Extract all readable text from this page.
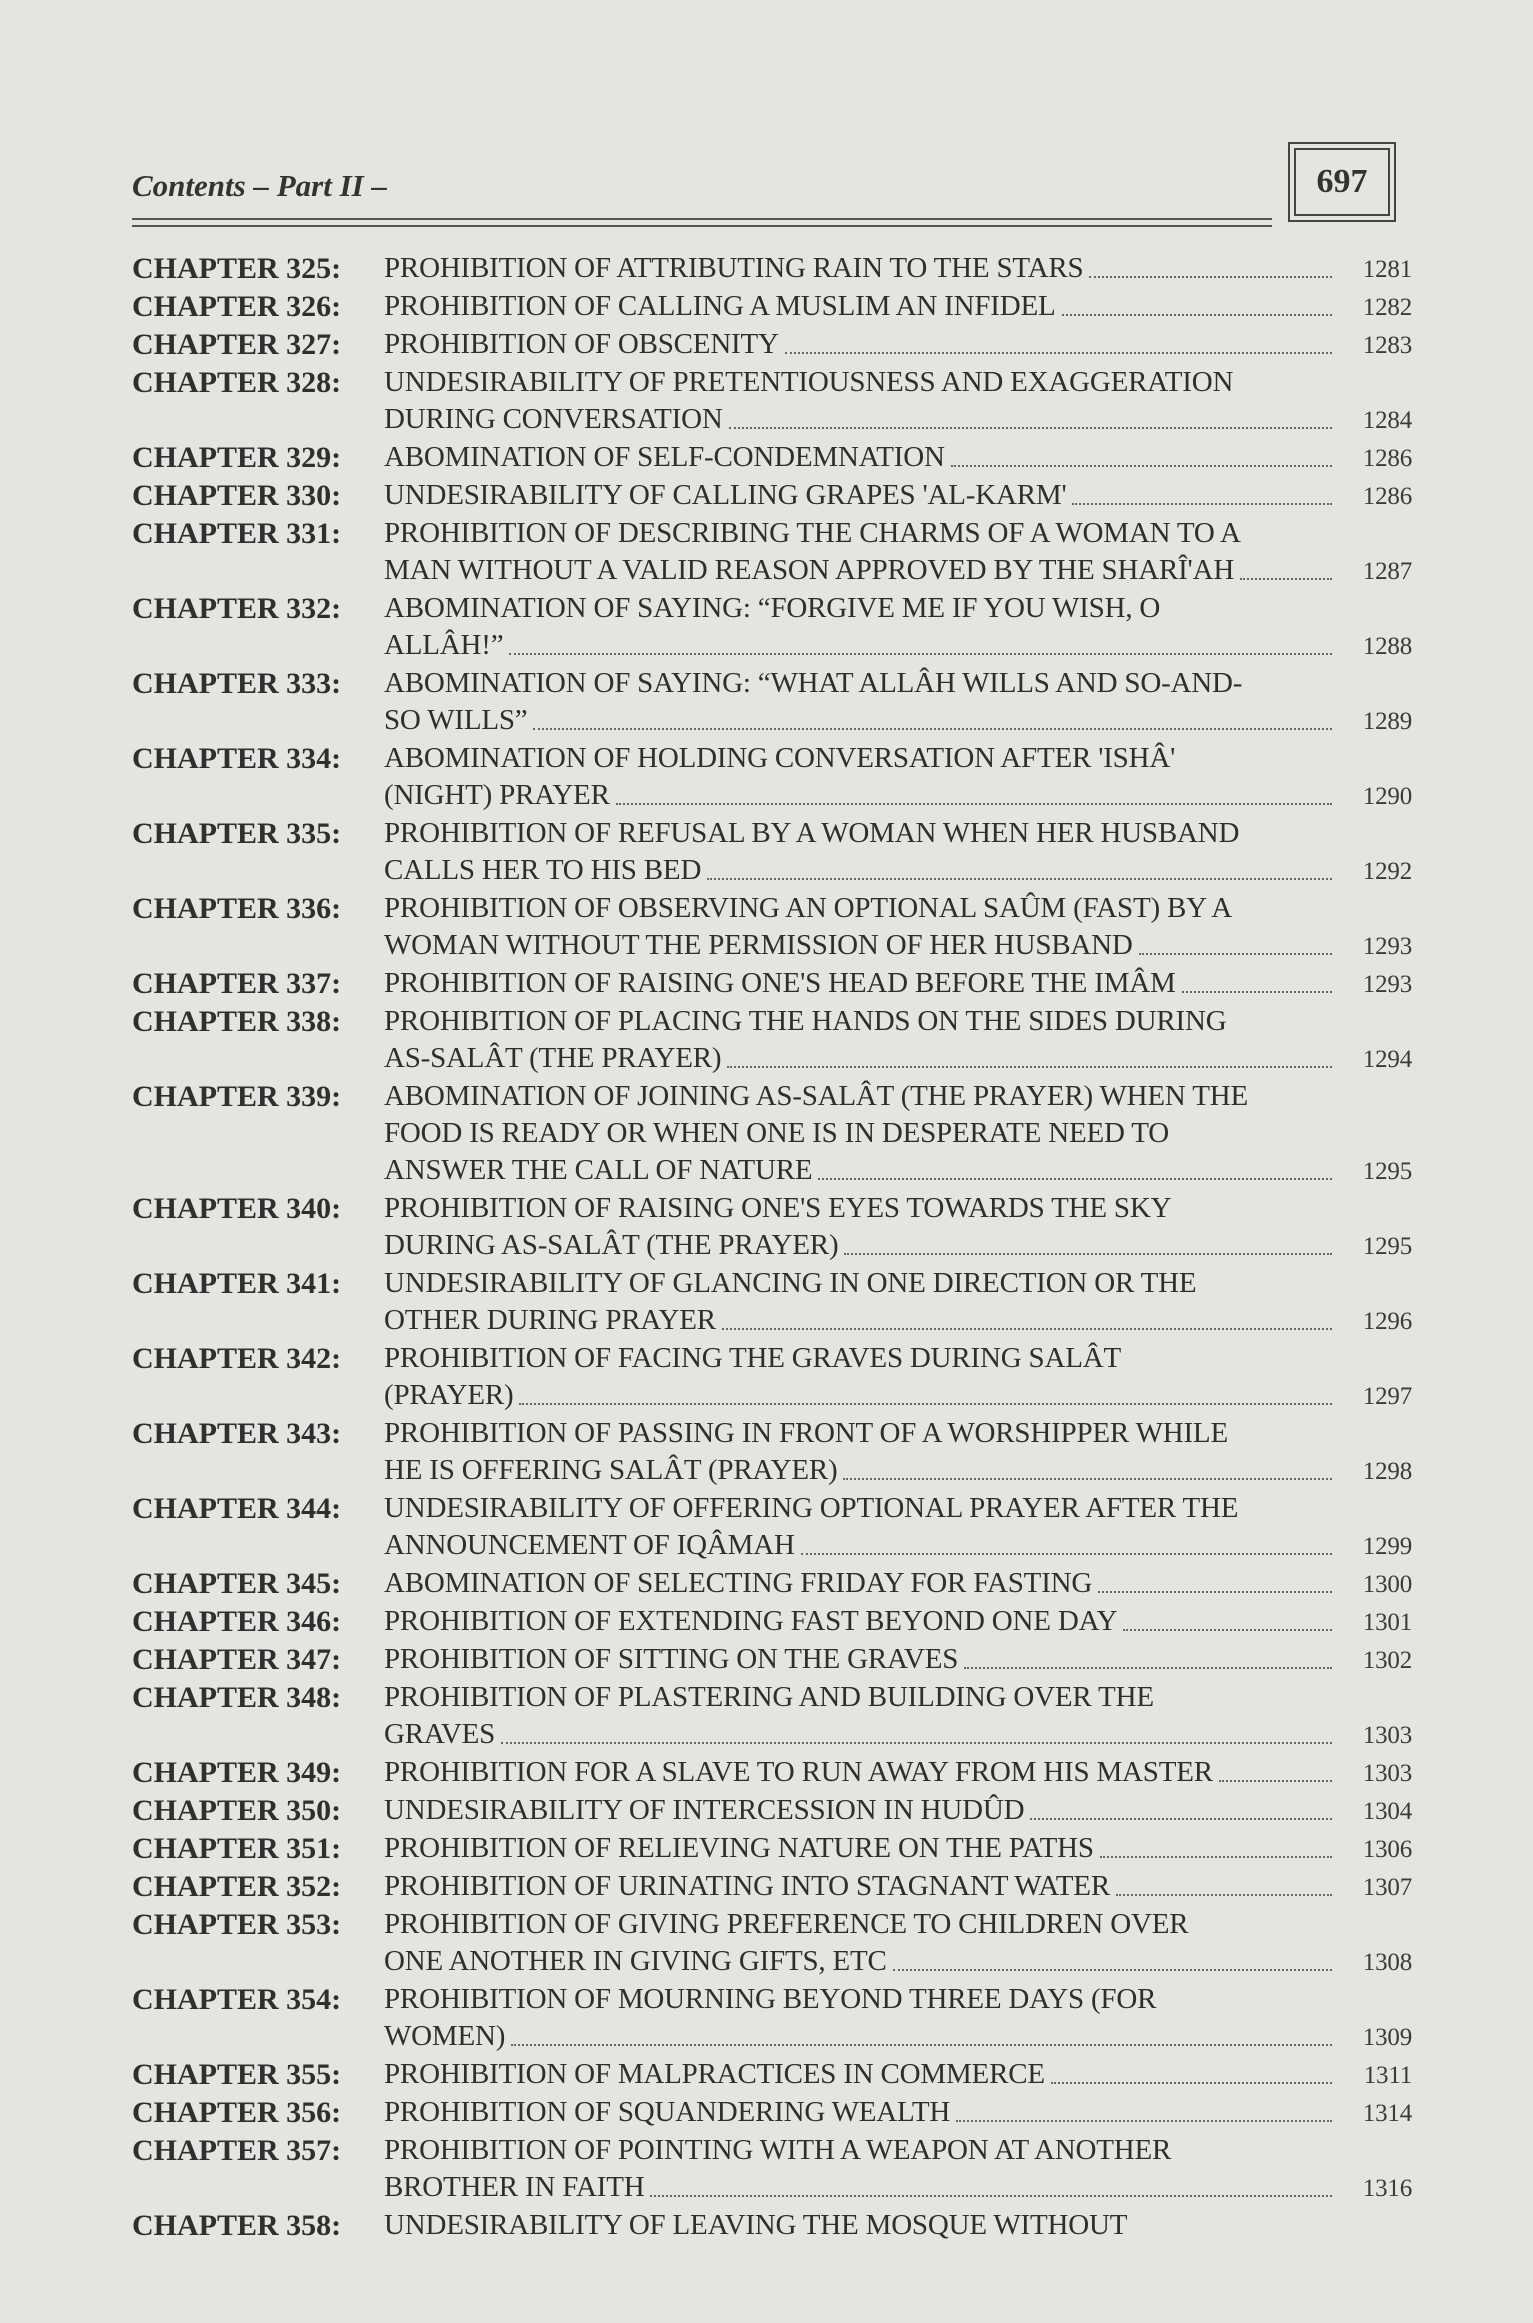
Contents – Part II –	697
CHAPTER 325:	PROHIBITION OF ATTRIBUTING RAIN TO THE STARS	1281
CHAPTER 326:	PROHIBITION OF CALLING A MUSLIM AN INFIDEL	1282
CHAPTER 327:	PROHIBITION OF OBSCENITY	1283
CHAPTER 328:	UNDESIRABILITY OF PRETENTIOUSNESS AND EXAGGERATION
DURING CONVERSATION	1284
CHAPTER 329:	ABOMINATION OF SELF-CONDEMNATION	1286
CHAPTER 330:	UNDESIRABILITY OF CALLING GRAPES 'AL-KARM'	1286
CHAPTER 331:	PROHIBITION OF DESCRIBING THE CHARMS OF A WOMAN TO A
MAN WITHOUT A VALID REASON APPROVED BY THE SHARÎ'AH	1287
CHAPTER 332:	ABOMINATION OF SAYING: “FORGIVE ME IF YOU WISH, O
ALLÂH!”	1288
CHAPTER 333:	ABOMINATION OF SAYING: “WHAT ALLÂH WILLS AND SO-AND-
SO WILLS”	1289
CHAPTER 334:	ABOMINATION OF HOLDING CONVERSATION AFTER 'ISHÂ'
(NIGHT) PRAYER	1290
CHAPTER 335:	PROHIBITION OF REFUSAL BY A WOMAN WHEN HER HUSBAND
CALLS HER TO HIS BED	1292
CHAPTER 336:	PROHIBITION OF OBSERVING AN OPTIONAL SAÛM (FAST) BY A
WOMAN WITHOUT THE PERMISSION OF HER HUSBAND	1293
CHAPTER 337:	PROHIBITION OF RAISING ONE'S HEAD BEFORE THE IMÂM	1293
CHAPTER 338:	PROHIBITION OF PLACING THE HANDS ON THE SIDES DURING
AS-SALÂT (THE PRAYER)	1294
CHAPTER 339:	ABOMINATION OF JOINING AS-SALÂT (THE PRAYER) WHEN THE
FOOD IS READY OR WHEN ONE IS IN DESPERATE NEED TO
ANSWER THE CALL OF NATURE	1295
CHAPTER 340:	PROHIBITION OF RAISING ONE'S EYES TOWARDS THE SKY
DURING AS-SALÂT (THE PRAYER)	1295
CHAPTER 341:	UNDESIRABILITY OF GLANCING IN ONE DIRECTION OR THE
OTHER DURING PRAYER	1296
CHAPTER 342:	PROHIBITION OF FACING THE GRAVES DURING SALÂT
(PRAYER)	1297
CHAPTER 343:	PROHIBITION OF PASSING IN FRONT OF A WORSHIPPER WHILE
HE IS OFFERING SALÂT (PRAYER)	1298
CHAPTER 344:	UNDESIRABILITY OF OFFERING OPTIONAL PRAYER AFTER THE
ANNOUNCEMENT OF IQÂMAH	1299
CHAPTER 345:	ABOMINATION OF SELECTING FRIDAY FOR FASTING	1300
CHAPTER 346:	PROHIBITION OF EXTENDING FAST BEYOND ONE DAY	1301
CHAPTER 347:	PROHIBITION OF SITTING ON THE GRAVES	1302
CHAPTER 348:	PROHIBITION OF PLASTERING AND BUILDING OVER THE
GRAVES	1303
CHAPTER 349:	PROHIBITION FOR A SLAVE TO RUN AWAY FROM HIS MASTER	1303
CHAPTER 350:	UNDESIRABILITY OF INTERCESSION IN HUDÛD	1304
CHAPTER 351:	PROHIBITION OF RELIEVING NATURE ON THE PATHS	1306
CHAPTER 352:	PROHIBITION OF URINATING INTO STAGNANT WATER	1307
CHAPTER 353:	PROHIBITION OF GIVING PREFERENCE TO CHILDREN OVER
ONE ANOTHER IN GIVING GIFTS, ETC	1308
CHAPTER 354:	PROHIBITION OF MOURNING BEYOND THREE DAYS (FOR
WOMEN)	1309
CHAPTER 355:	PROHIBITION OF MALPRACTICES IN COMMERCE	1311
CHAPTER 356:	PROHIBITION OF SQUANDERING WEALTH	1314
CHAPTER 357:	PROHIBITION OF POINTING WITH A WEAPON AT ANOTHER
BROTHER IN FAITH	1316
CHAPTER 358:	UNDESIRABILITY OF LEAVING THE MOSQUE WITHOUT
